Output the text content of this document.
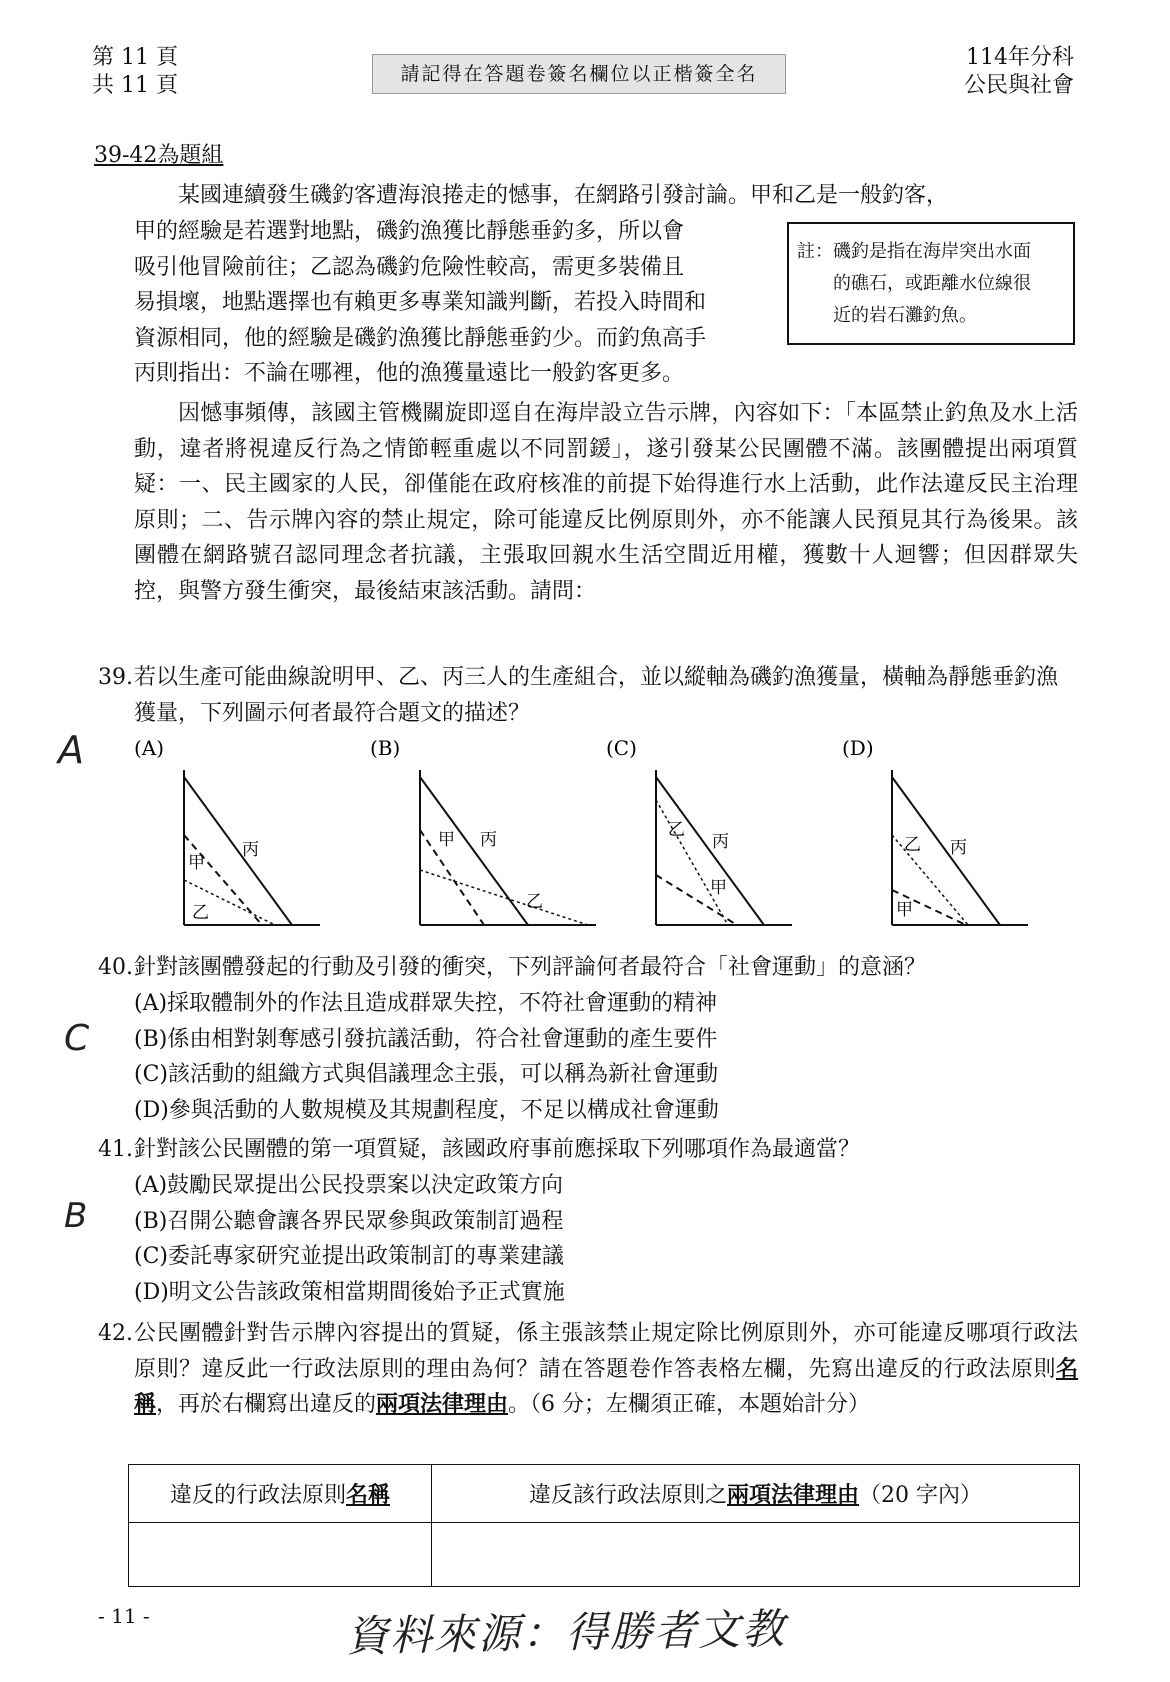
第 11 頁
共 11 頁	請記得在答題卷簽名欄位以正楷簽全名
114年分科
公民與社會
39-42為題組
某國連續發生磯釣客遭海浪捲走的憾事，在網路引發討論。甲和乙是一般釣客，
甲的經驗是若選對地點，磯釣漁獲比靜態垂釣多，所以會
吸引他冒險前往；乙認為磯釣危險性較高，需更多裝備且
易損壞，地點選擇也有賴更多專業知識判斷，若投入時間和
資源相同，他的經驗是磯釣漁獲比靜態垂釣少。而釣魚高手
丙則指出：不論在哪裡，他的漁獲量遠比一般釣客更多。
註：磯釣是指在海岸突出水面
的礁石，或距離水位線很
近的岩石灘釣魚。
因憾事頻傳，該國主管機關旋即逕自在海岸設立告示牌，內容如下：「本區禁止釣魚及水上活動，違者將視違反行為之情節輕重處以不同罰鍰」，遂引發某公民團體不滿。該團體提出兩項質疑：一、民主國家的人民，卻僅能在政府核准的前提下始得進行水上活動，此作法違反民主治理原則；二、告示牌內容的禁止規定，除可能違反比例原則外，亦不能讓人民預見其行為後果。該團體在網路號召認同理念者抗議，主張取回親水生活空間近用權，獲數十人迴響；但因群眾失控，與警方發生衝突，最後結束該活動。請問：
39. 若以生產可能曲線說明甲、乙、丙三人的生產組合，並以縱軸為磯釣漁獲量，橫軸為靜態垂釣漁獲量，下列圖示何者最符合題文的描述？
A	(A)
丙
甲
乙
(B)
甲 丙
乙
(C)
乙
丙
甲
(D)
乙 丙
甲
40. 針對該團體發起的行動及引發的衝突，下列評論何者最符合「社會運動」的意涵？
C
(A)採取體制外的作法且造成群眾失控，不符社會運動的精神
(B)係由相對剝奪感引發抗議活動，符合社會運動的產生要件
(C)該活動的組織方式與倡議理念主張，可以稱為新社會運動
(D)參與活動的人數規模及其規劃程度，不足以構成社會運動
41. 針對該公民團體的第一項質疑，該國政府事前應採取下列哪項作為最適當？
B
(A)鼓勵民眾提出公民投票案以決定政策方向
(B)召開公聽會讓各界民眾參與政策制訂過程
(C)委託專家研究並提出政策制訂的專業建議
(D)明文公告該政策相當期間後始予正式實施
42. 公民團體針對告示牌內容提出的質疑，係主張該禁止規定除比例原則外，亦可能違反哪項行政法原則？違反此一行政法原則的理由為何？請在答題卷作答表格左欄，先寫出違反的行政法原則名稱，再於右欄寫出違反的兩項法律理由。（6 分；左欄須正確，本題始計分）
違反的行政法原則名稱	違反該行政法原則之兩項法律理由（20 字內）

- 11 -	資料來源：得勝者文教
